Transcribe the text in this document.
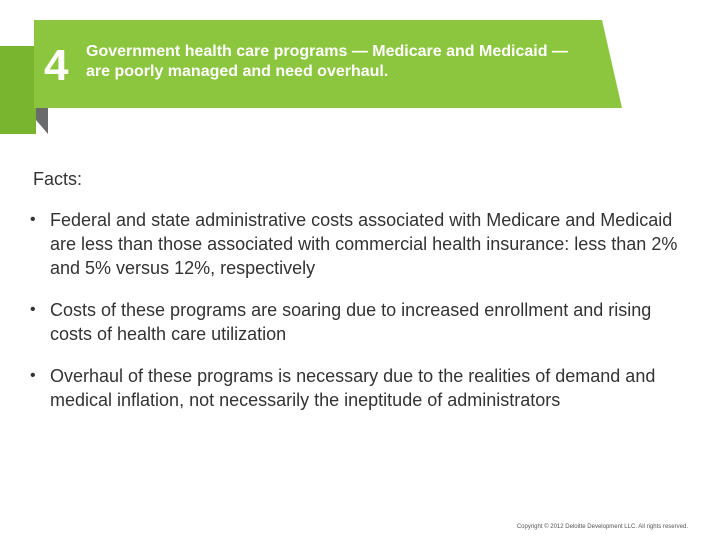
4	Government health care programs — Medicare and Medicaid — are poorly managed and need overhaul.
Facts:
• Federal and state administrative costs associated with Medicare and Medicaid are less than those associated with commercial health insurance: less than 2% and 5% versus 12%, respectively
• Costs of these programs are soaring due to increased enrollment and rising costs of health care utilization
• Overhaul of these programs is necessary due to the realities of demand and medical inflation, not necessarily the ineptitude of administrators
Copyright © 2012 Deloitte Development LLC. All rights reserved.
